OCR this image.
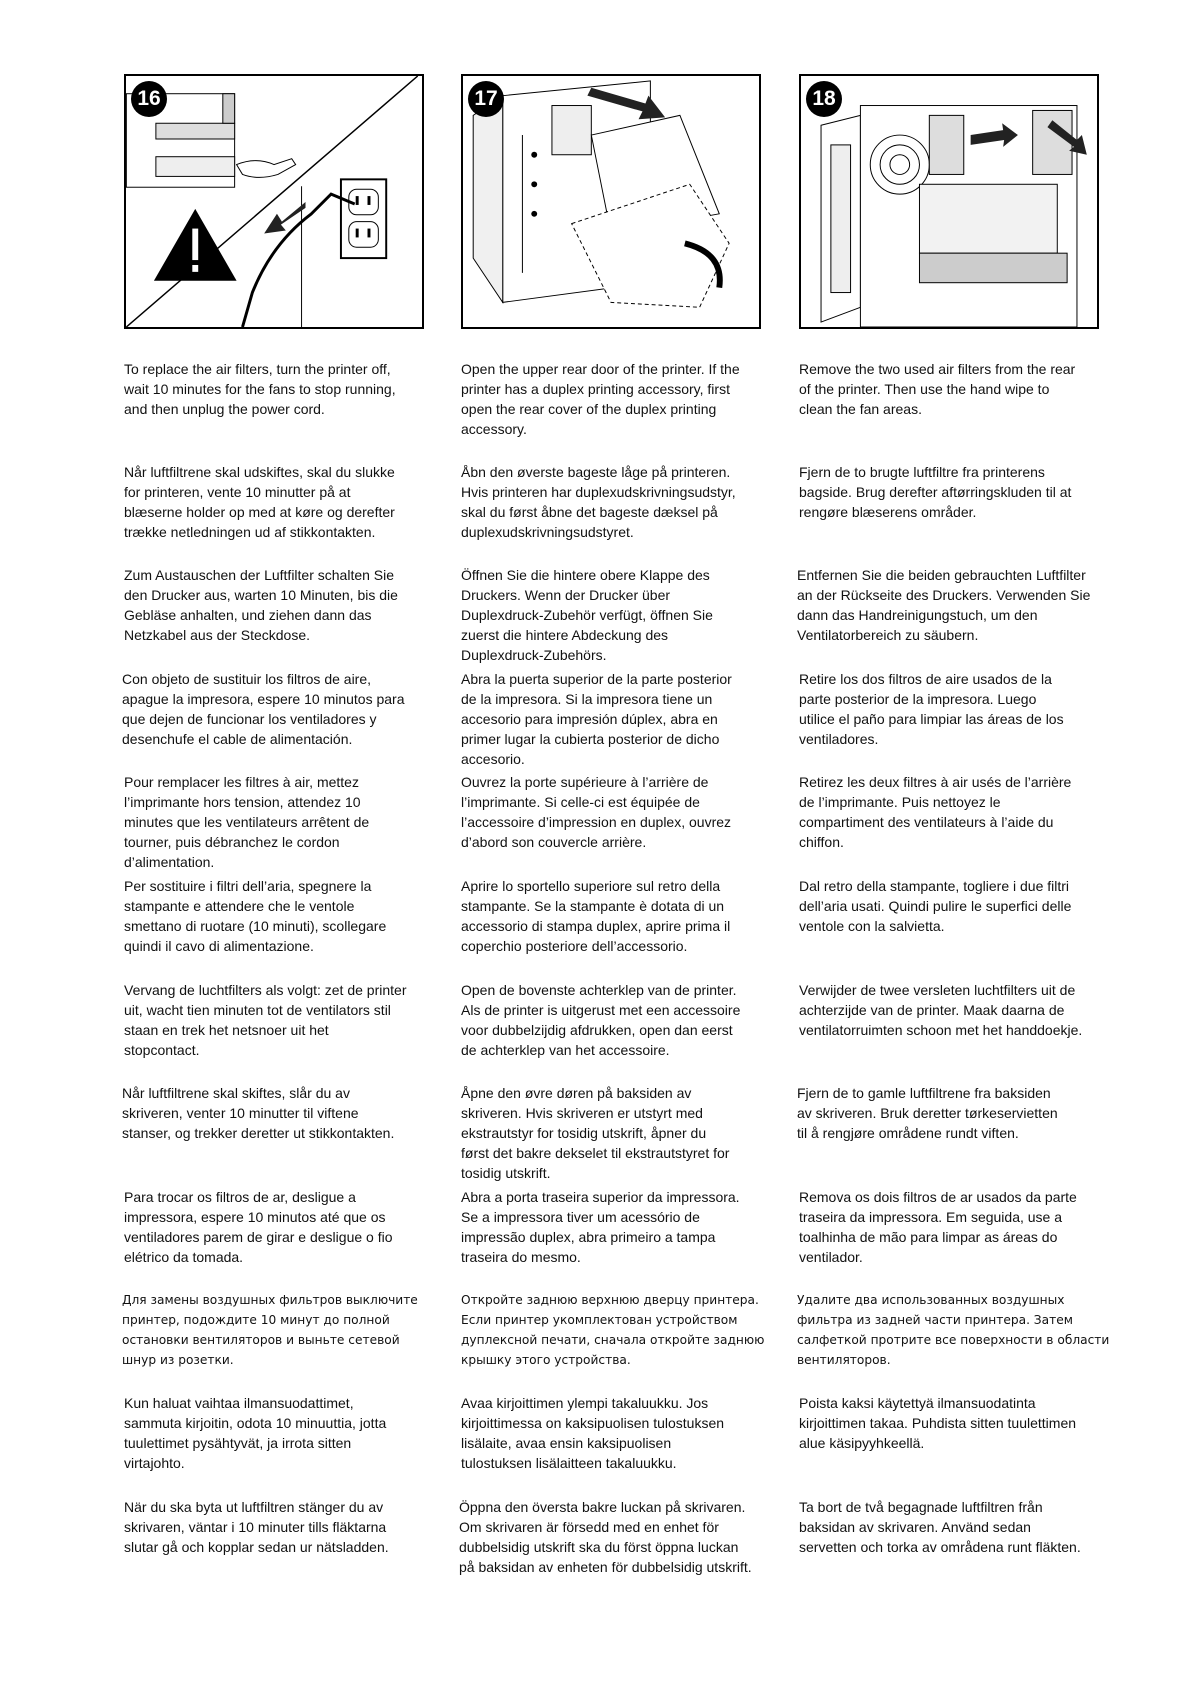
16	17	18
To replace the air filters, turn the printer off,
wait 10 minutes for the fans to stop running,
and then unplug the power cord.
Når luftfiltrene skal udskiftes, skal du slukke
for printeren, vente 10 minutter på at
blæserne holder op med at køre og derefter
trække netledningen ud af stikkontakten.
Zum Austauschen der Luftfilter schalten Sie
den Drucker aus, warten 10 Minuten, bis die
Gebläse anhalten, und ziehen dann das
Netzkabel aus der Steckdose.
Con objeto de sustituir los filtros de aire,
apague la impresora, espere 10 minutos para
que dejen de funcionar los ventiladores y
desenchufe el cable de alimentación.
Pour remplacer les filtres à air, mettez
l’imprimante hors tension, attendez 10
minutes que les ventilateurs arrêtent de
tourner, puis débranchez le cordon
d’alimentation.
Per sostituire i filtri dell’aria, spegnere la
stampante e attendere che le ventole
smettano di ruotare (10 minuti), scollegare
quindi il cavo di alimentazione.
Vervang de luchtfilters als volgt: zet de printer
uit, wacht tien minuten tot de ventilators stil
staan en trek het netsnoer uit het
stopcontact.
Når luftfiltrene skal skiftes, slår du av
skriveren, venter 10 minutter til viftene
stanser, og trekker deretter ut stikkontakten.
Para trocar os filtros de ar, desligue a
impressora, espere 10 minutos até que os
ventiladores parem de girar e desligue o fio
elétrico da tomada.
Для замены воздушных фильтров выключите
принтер, подождите 10 минут до полной
остановки вентиляторов и выньте сетевой
шнур из розетки.
Kun haluat vaihtaa ilmansuodattimet,
sammuta kirjoitin, odota 10 minuuttia, jotta
tuulettimet pysähtyvät, ja irrota sitten
virtajohto.
När du ska byta ut luftfiltren stänger du av
skrivaren, väntar i 10 minuter tills fläktarna
slutar gå och kopplar sedan ur nätsladden.
Open the upper rear door of the printer. If the
printer has a duplex printing accessory, first
open the rear cover of the duplex printing
accessory.
Åbn den øverste bageste låge på printeren.
Hvis printeren har duplexudskrivningsudstyr,
skal du først åbne det bageste dæksel på
duplexudskrivningsudstyret.
Öffnen Sie die hintere obere Klappe des
Druckers. Wenn der Drucker über
Duplexdruck-Zubehör verfügt, öffnen Sie
zuerst die hintere Abdeckung des
Duplexdruck-Zubehörs.
Abra la puerta superior de la parte posterior
de la impresora. Si la impresora tiene un
accesorio para impresión dúplex, abra en
primer lugar la cubierta posterior de dicho
accesorio.
Ouvrez la porte supérieure à l’arrière de
l’imprimante. Si celle-ci est équipée de
l’accessoire d’impression en duplex, ouvrez
d’abord son couvercle arrière.
Aprire lo sportello superiore sul retro della
stampante. Se la stampante è dotata di un
accessorio di stampa duplex, aprire prima il
coperchio posteriore dell’accessorio.
Open de bovenste achterklep van de printer.
Als de printer is uitgerust met een accessoire
voor dubbelzijdig afdrukken, open dan eerst
de achterklep van het accessoire.
Åpne den øvre døren på baksiden av
skriveren. Hvis skriveren er utstyrt med
ekstrautstyr for tosidig utskrift, åpner du
først det bakre dekselet til ekstrautstyret for
tosidig utskrift.
Abra a porta traseira superior da impressora.
Se a impressora tiver um acessório de
impressão duplex, abra primeiro a tampa
traseira do mesmo.
Откройте заднюю верхнюю дверцу принтера.
Если принтер укомплектован устройством
дуплексной печати, сначала откройте заднюю
крышку этого устройства.
Avaa kirjoittimen ylempi takaluukku. Jos
kirjoittimessa on kaksipuolisen tulostuksen
lisälaite, avaa ensin kaksipuolisen
tulostuksen lisälaitteen takaluukku.
Öppna den översta bakre luckan på skrivaren.
Om skrivaren är försedd med en enhet för
dubbelsidig utskrift ska du först öppna luckan
på baksidan av enheten för dubbelsidig utskrift.
Remove the two used air filters from the rear
of the printer. Then use the hand wipe to
clean the fan areas.
Fjern de to brugte luftfiltre fra printerens
bagside. Brug derefter aftørringskluden til at
rengøre blæserens områder.
Entfernen Sie die beiden gebrauchten Luftfilter
an der Rückseite des Druckers. Verwenden Sie
dann das Handreinigungstuch, um den
Ventilatorbereich zu säubern.
Retire los dos filtros de aire usados de la
parte posterior de la impresora. Luego
utilice el paño para limpiar las áreas de los
ventiladores.
Retirez les deux filtres à air usés de l’arrière
de l’imprimante. Puis nettoyez le
compartiment des ventilateurs à l’aide du
chiffon.
Dal retro della stampante, togliere i due filtri
dell’aria usati. Quindi pulire le superfici delle
ventole con la salvietta.
Verwijder de twee versleten luchtfilters uit de
achterzijde van de printer. Maak daarna de
ventilatorruimten schoon met het handdoekje.
Fjern de to gamle luftfiltrene fra baksiden
av skriveren. Bruk deretter tørkeservietten
til å rengjøre områdene rundt viften.
Remova os dois filtros de ar usados da parte
traseira da impressora. Em seguida, use a
toalhinha de mão para limpar as áreas do
ventilador.
Удалите два использованных воздушных
фильтра из задней части принтера. Затем
салфеткой протрите все поверхности в области
вентиляторов.
Poista kaksi käytettyä ilmansuodatinta
kirjoittimen takaa. Puhdista sitten tuulettimen
alue käsipyyhkeellä.
Ta bort de två begagnade luftfiltren från
baksidan av skrivaren. Använd sedan
servetten och torka av områdena runt fläkten.
